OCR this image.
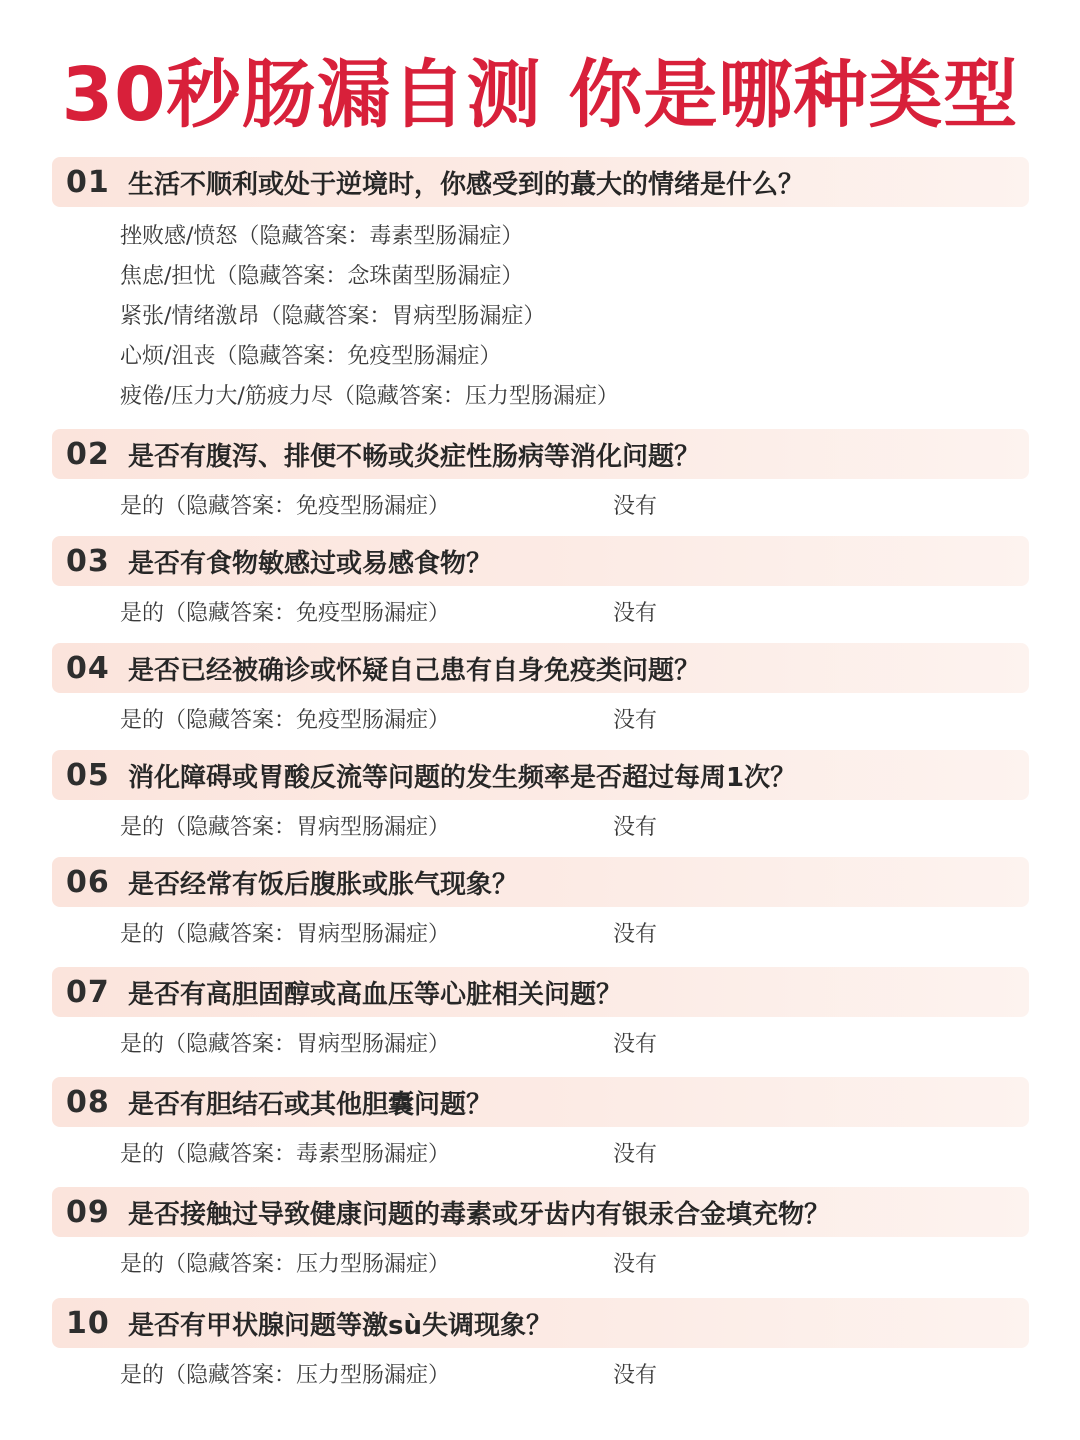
30秒肠漏自测 你是哪种类型
01 生活不顺利或处于逆境时，你感受到的蕞大的情绪是什么？
挫败感/愤怒（隐藏答案：毒素型肠漏症）
焦虑/担忧（隐藏答案：念珠菌型肠漏症）
紧张/情绪激昂（隐藏答案：胃病型肠漏症）
心烦/沮丧（隐藏答案：免疫型肠漏症）
疲倦/压力大/筋疲力尽（隐藏答案：压力型肠漏症）
02 是否有腹泻、排便不畅或炎症性肠病等消化问题？
是的（隐藏答案：免疫型肠漏症）	没有
03 是否有食物敏感过或易感食物？
是的（隐藏答案：免疫型肠漏症）	没有
04 是否已经被确诊或怀疑自己患有自身免疫类问题？
是的（隐藏答案：免疫型肠漏症）	没有
05 消化障碍或胃酸反流等问题的发生频率是否超过每周1次？
是的（隐藏答案：胃病型肠漏症）	没有
06 是否经常有饭后腹胀或胀气现象？
是的（隐藏答案：胃病型肠漏症）	没有
07 是否有高胆固醇或高血压等心脏相关问题？
是的（隐藏答案：胃病型肠漏症）	没有
08 是否有胆结石或其他胆囊问题？
是的（隐藏答案：毒素型肠漏症）	没有
09 是否接触过导致健康问题的毒素或牙齿内有银汞合金填充物？
是的（隐藏答案：压力型肠漏症）	没有
10 是否有甲状腺问题等激sù失调现象？
是的（隐藏答案：压力型肠漏症）	没有
